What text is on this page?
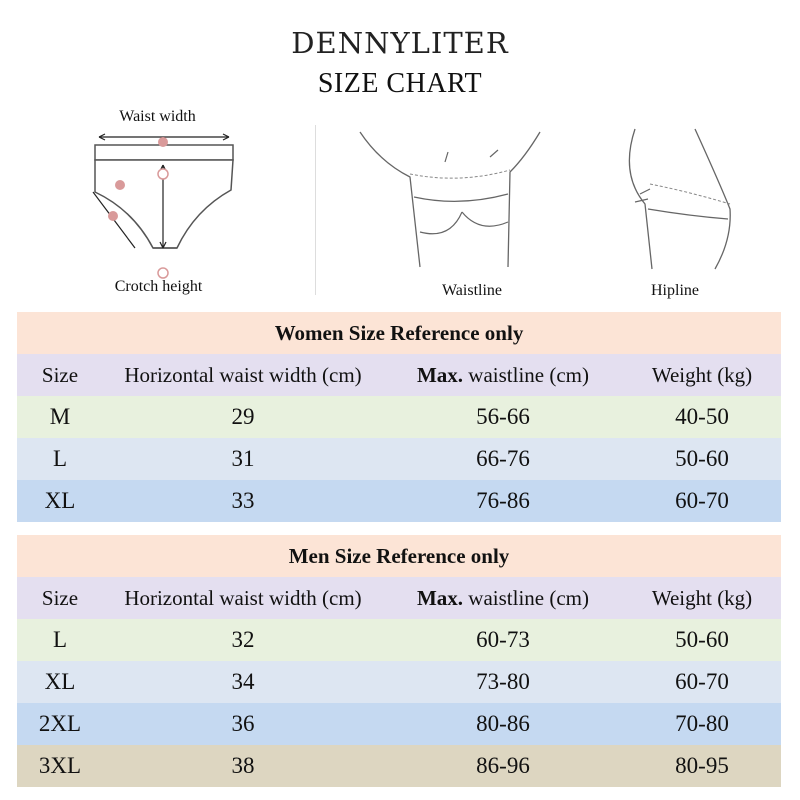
DENNYLITER
SIZE CHART
Waist width
Crotch height	Waistline	Hipline
Women Size Reference only			
Size	Horizontal waist width (cm)	Max. waistline (cm)	Weight (kg)
M	29	56-66	40-50
L	31	66-76	50-60
XL	33	76-86	60-70
Men Size Reference only			
Size	Horizontal waist width (cm)	Max. waistline (cm)	Weight (kg)
L	32	60-73	50-60
XL	34	73-80	60-70
2XL	36	80-86	70-80
3XL	38	86-96	80-95
